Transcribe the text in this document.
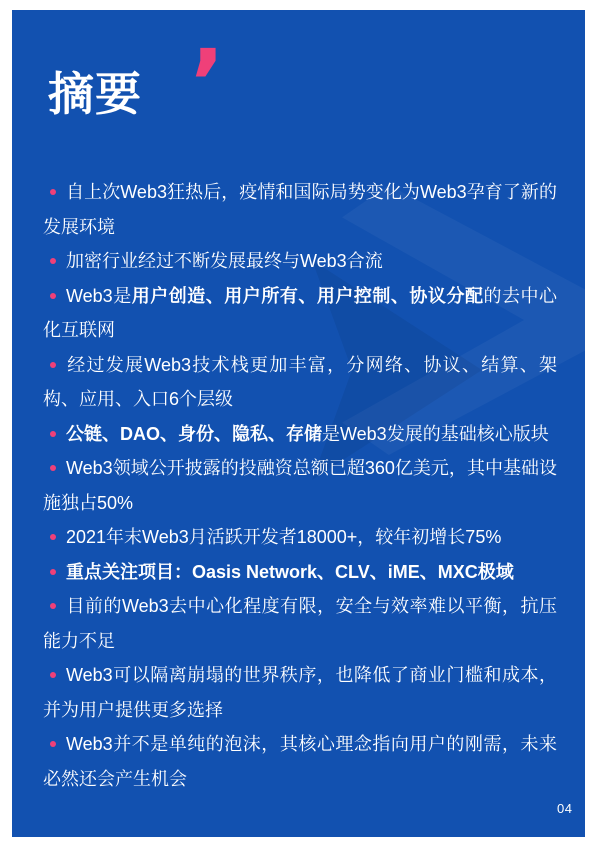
摘要 ’

自上次Web3狂热后，疫情和国际局势变化为Web3孕育了新的发展环境

加密行业经过不断发展最终与Web3合流

Web3是用户创造、用户所有、用户控制、协议分配的去中心化互联网

经过发展Web3技术栈更加丰富，分网络、协议、结算、架构、应用、入口6个层级

公链、DAO、身份、隐私、存储是Web3发展的基础核心版块

Web3领域公开披露的投融资总额已超360亿美元，其中基础设施独占50%

2021年末Web3月活跃开发者18000+，较年初增长75%

重点关注项目：Oasis Network、CLV、iME、MXC极域

目前的Web3去中心化程度有限，安全与效率难以平衡，抗压能力不足

Web3可以隔离崩塌的世界秩序，也降低了商业门槛和成本，并为用户提供更多选择

Web3并不是单纯的泡沫，其核心理念指向用户的刚需，未来必然还会产生机会

04
